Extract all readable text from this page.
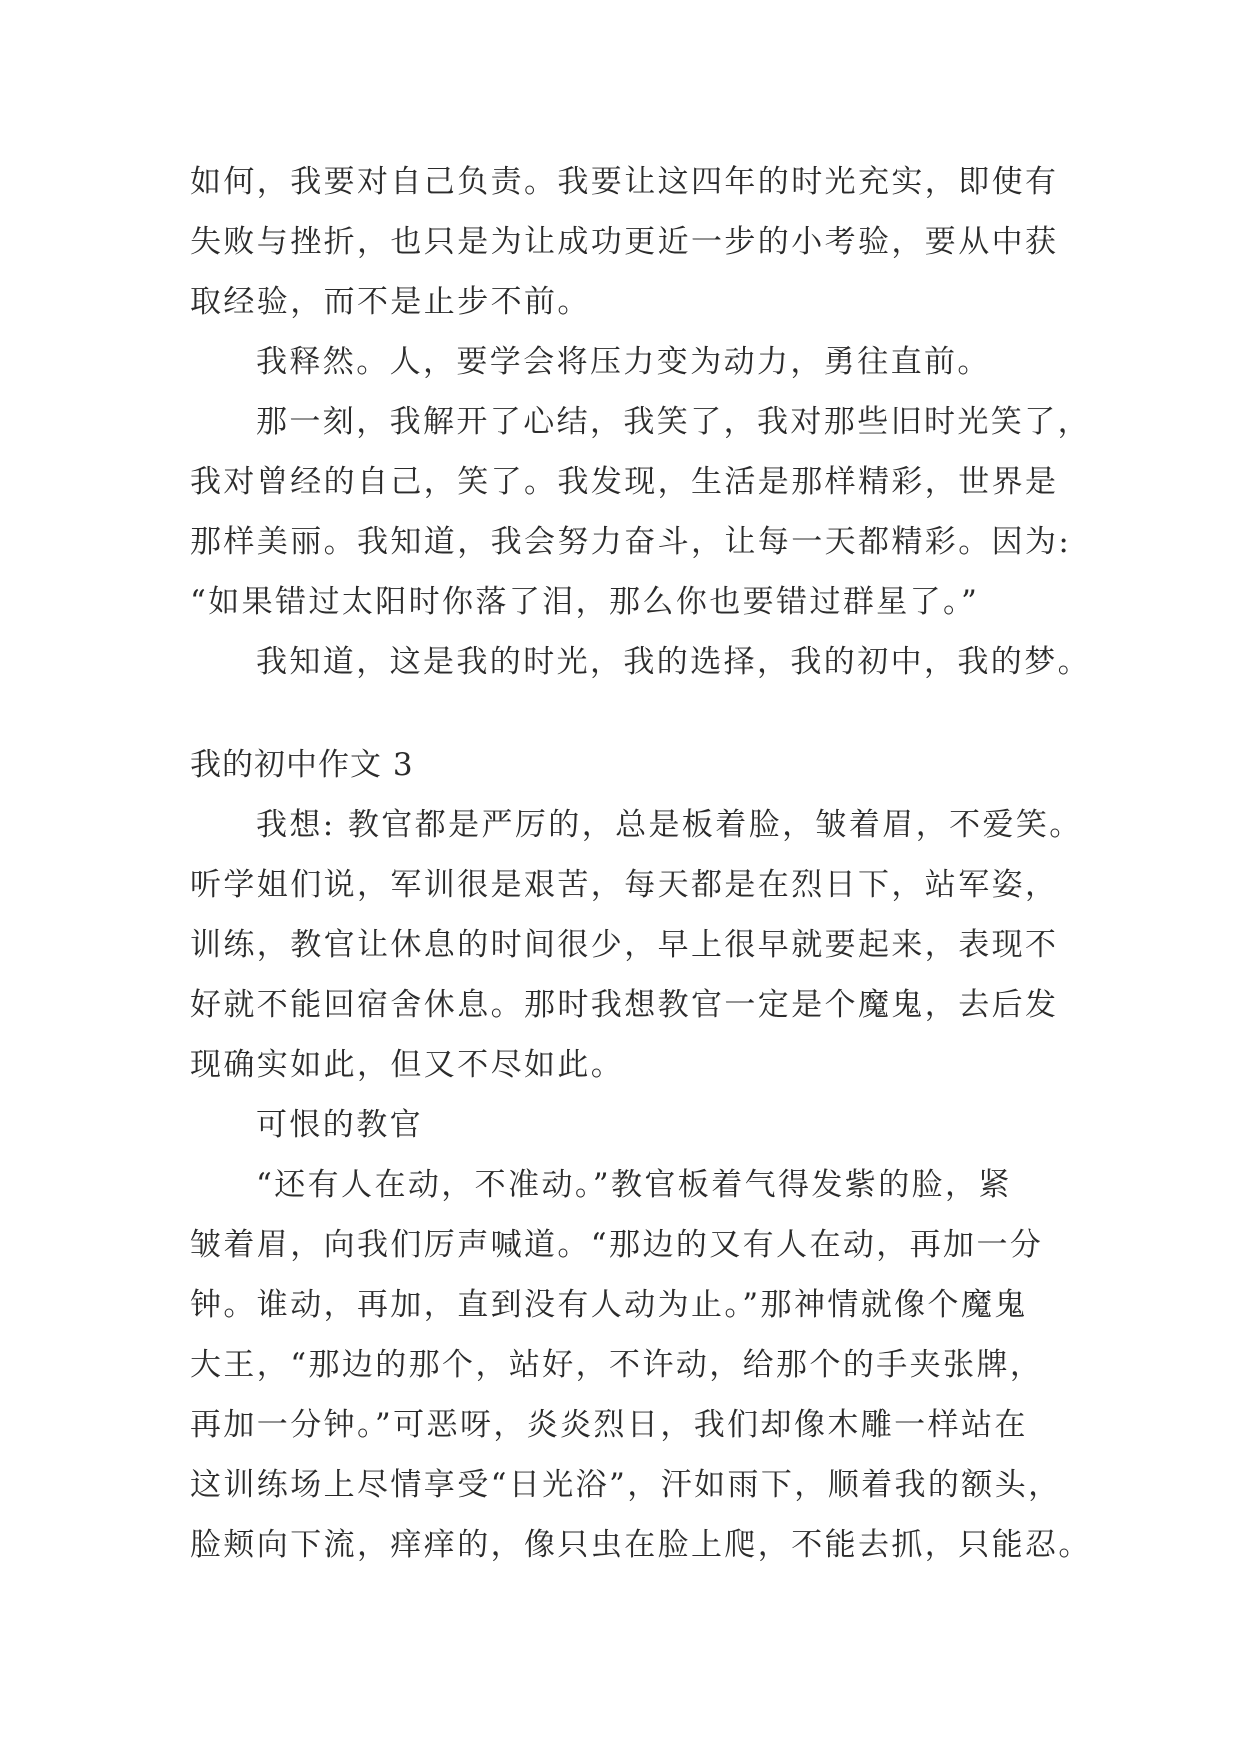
如何，我要对自己负责。我要让这四年的时光充实，即使有
失败与挫折，也只是为让成功更近一步的小考验，要从中获
取经验，而不是止步不前。
我释然。人，要学会将压力变为动力，勇往直前。
那一刻，我解开了心结，我笑了，我对那些旧时光笑了，
我对曾经的自己，笑了。我发现，生活是那样精彩，世界是
那样美丽。我知道，我会努力奋斗，让每一天都精彩。因为:
“如果错过太阳时你落了泪，那么你也要错过群星了。”
我知道，这是我的时光，我的选择，我的初中，我的梦。
我的初中作文 3
我想: 教官都是严厉的，总是板着脸，皱着眉，不爱笑。
听学姐们说，军训很是艰苦，每天都是在烈日下，站军姿，
训练，教官让休息的时间很少，早上很早就要起来，表现不
好就不能回宿舍休息。那时我想教官一定是个魔鬼，去后发
现确实如此，但又不尽如此。
可恨的教官
“还有人在动，不准动。”教官板着气得发紫的脸，紧
皱着眉，向我们厉声喊道。“那边的又有人在动，再加一分
钟。谁动，再加，直到没有人动为止。”那神情就像个魔鬼
大王，“那边的那个，站好，不许动，给那个的手夹张牌，
再加一分钟。”可恶呀，炎炎烈日，我们却像木雕一样站在
这训练场上尽情享受“日光浴”，汗如雨下，顺着我的额头，
脸颊向下流，痒痒的，像只虫在脸上爬，不能去抓，只能忍。
